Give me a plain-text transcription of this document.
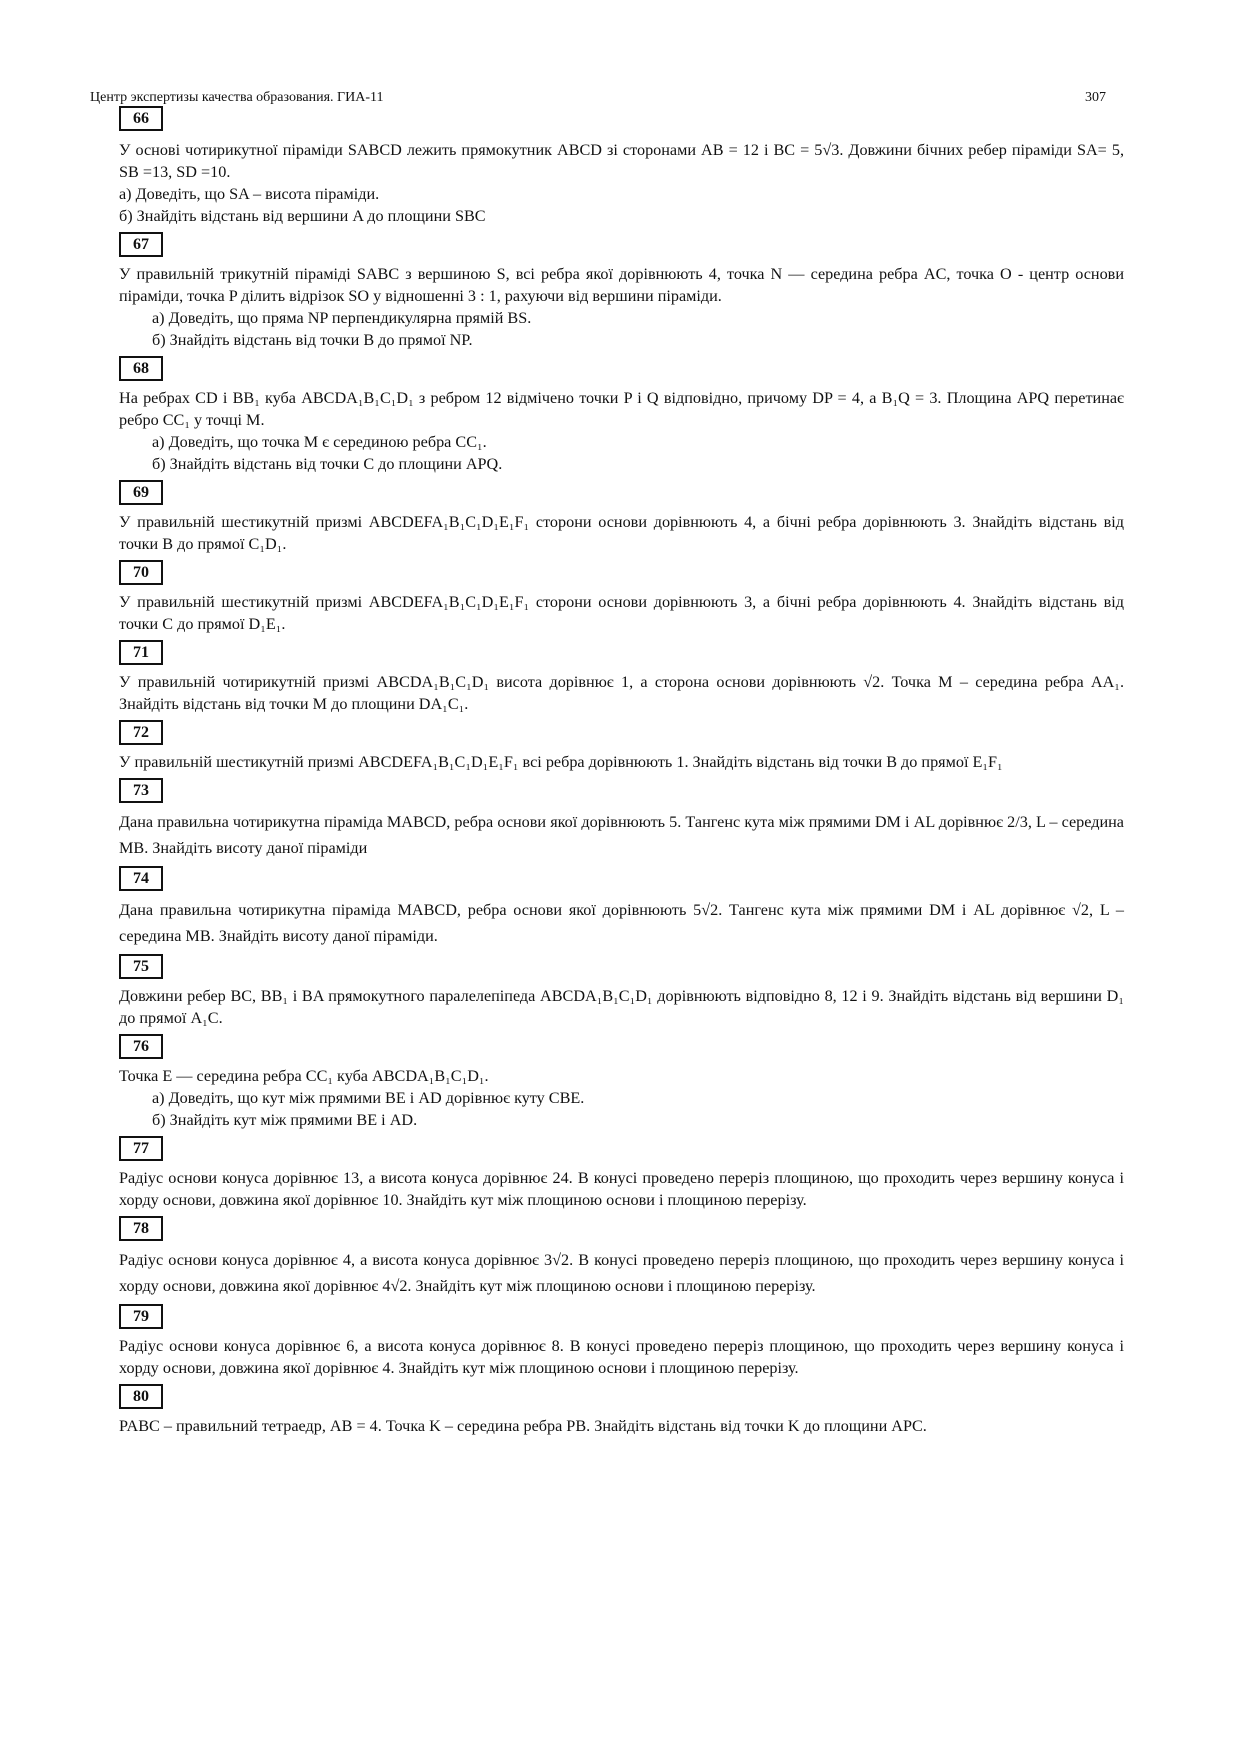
Центр экспертизы качества образования. ГИА-11	307
66

У основі чотирикутної піраміди SABCD лежить прямокутник ABCD зі сторонами AB = 12 і BC = 5√3. Довжини бічних ребер піраміди SA= 5, SB =13, SD =10.

а) Доведіть, що SA – висота піраміди.

б) Знайдіть відстань від вершини A до площини SBC

67

У правильній трикутній піраміді SABC з вершиною S, всі ребра якої дорівнюють 4, точка N — середина ребра AC, точка O - центр основи піраміди, точка P ділить відрізок SO у відношенні 3 : 1, рахуючи від вершини піраміди.

а) Доведіть, що пряма NP перпендикулярна прямій BS.

б) Знайдіть відстань від точки B до прямої NP.

68

На ребрах CD і BB₁ куба ABCDA₁B₁C₁D₁ з ребром 12 відмічено точки P і Q відповідно, причому DP = 4, а B₁Q = 3. Площина APQ перетинає ребро CC₁ у точці M.

а) Доведіть, що точка M є серединою ребра CC₁.

б) Знайдіть відстань від точки C до площини APQ.

69

У правильній шестикутній призмі ABCDEFA₁B₁C₁D₁E₁F₁ сторони основи дорівнюють 4, а бічні ребра дорівнюють 3. Знайдіть відстань від точки B до прямої C₁D₁.

70

У правильній шестикутній призмі ABCDEFA₁B₁C₁D₁E₁F₁ сторони основи дорівнюють 3, а бічні ребра дорівнюють 4. Знайдіть відстань від точки C до прямої D₁E₁.

71

У правильній чотирикутній призмі ABCDA₁B₁C₁D₁ висота дорівнює 1, а сторона основи дорівнюють √2. Точка M – середина ребра AA₁. Знайдіть відстань від точки M до площини DA₁C₁.

72

У правильній шестикутній призмі ABCDEFA₁B₁C₁D₁E₁F₁ всі ребра дорівнюють 1. Знайдіть відстань від точки B до прямої E₁F₁

73

Дана правильна чотирикутна піраміда MABCD, ребра основи якої дорівнюють 5. Тангенс кута між прямими DM і AL дорівнює 2/3, L – середина MB. Знайдіть висоту даної піраміди

74

Дана правильна чотирикутна піраміда MABCD, ребра основи якої дорівнюють 5√2. Тангенс кута між прямими DM і AL дорівнює √2, L – середина MB. Знайдіть висоту даної піраміди.

75

Довжини ребер BC, BB₁ і BA прямокутного паралелепіпеда ABCDA₁B₁C₁D₁ дорівнюють відповідно 8, 12 і 9. Знайдіть відстань від вершини D₁ до прямої A₁C.

76

Точка E — середина ребра CC₁ куба ABCDA₁B₁C₁D₁.

а) Доведіть, що кут між прямими BE і AD дорівнює куту CBE.

б) Знайдіть кут між прямими BE і AD.

77

Радіус основи конуса дорівнює 13, а висота конуса дорівнює 24. В конусі проведено переріз площиною, що проходить через вершину конуса і хорду основи, довжина якої дорівнює 10. Знайдіть кут між площиною основи і площиною перерізу.

78

Радіус основи конуса дорівнює 4, а висота конуса дорівнює 3√2. В конусі проведено переріз площиною, що проходить через вершину конуса і хорду основи, довжина якої дорівнює 4√2. Знайдіть кут між площиною основи і площиною перерізу.

79

Радіус основи конуса дорівнює 6, а висота конуса дорівнює 8. В конусі проведено переріз площиною, що проходить через вершину конуса і хорду основи, довжина якої дорівнює 4. Знайдіть кут між площиною основи і площиною перерізу.

80

PABC – правильний тетраедр, AB = 4. Точка K – середина ребра PB. Знайдіть відстань від точки K до площини APC.
